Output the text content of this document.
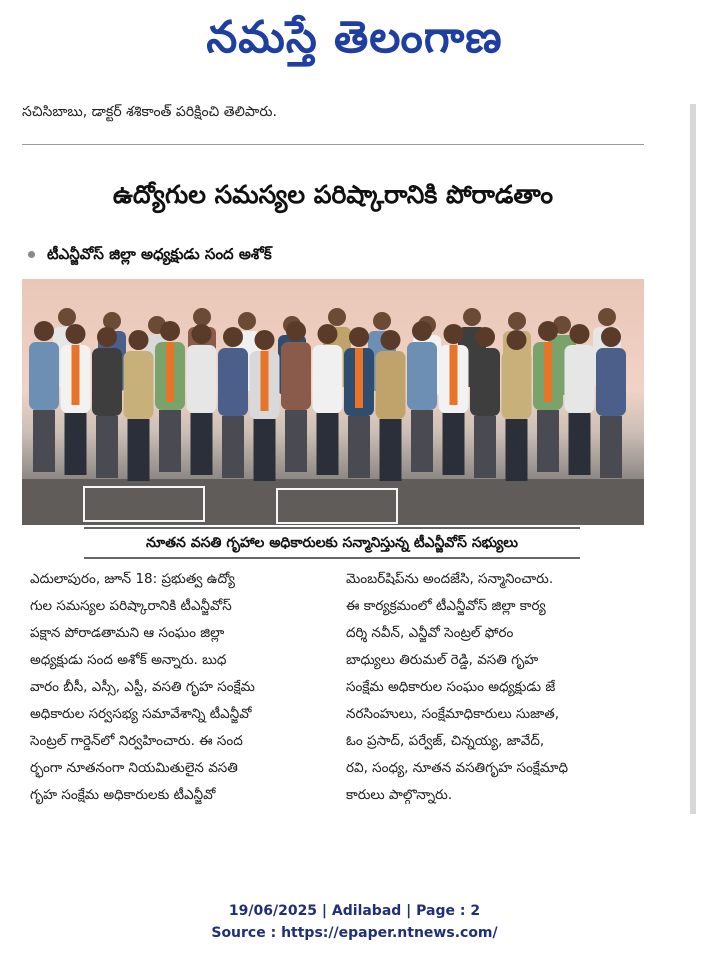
నమస్తే తెలంగాణ
సచిసిబాబు, డాక్టర్ శశికాంత్ పరిక్షించి తెలిపారు.
ఉద్యోగుల సమస్యల పరిష్కారానికి పోరాడతాం
టీఎన్జీవోస్ జిల్లా అధ్యక్షుడు సంద అశోక్
నూతన వసతి గృహాల అధికారులకు సన్మానిస్తున్న టీఎన్జీవోస్ సభ్యులు
ఎదులాపురం, జూన్ 18: ప్రభుత్వ ఉద్యో
గుల సమస్యల పరిష్కారానికి టీఎన్జీవోస్
పక్షాన పోరాడతామని ఆ సంఘం జిల్లా
అధ్యక్షుడు సంద అశోక్ అన్నారు. బుధ
వారం బీసీ, ఎస్సీ, ఎస్టీ, వసతి గృహ సంక్షేమ
అధికారుల సర్వసభ్య సమావేశాన్ని టీఎన్జీవో
సెంట్రల్ గార్డెన్‌లో నిర్వహించారు. ఈ సంద
ర్భంగా నూతనంగా నియమితులైన వసతి
గృహ సంక్షేమ అధికారులకు టీఎన్జీవో
మెంబర్‌షిప్‌ను అందజేసి, సన్మానించారు.
ఈ కార్యక్రమంలో టీఎన్జీవోస్ జిల్లా కార్య
దర్శి నవీన్, ఎన్జీవో సెంట్రల్ ఫోరం
బాధ్యులు తిరుమల్ రెడ్డి, వసతి గృహ
సంక్షేమ అధికారుల సంఘం అధ్యక్షుడు జే
నరసింహులు, సంక్షేమాధికారులు సుజాత,
ఓం ప్రసాద్, పర్వేజ్, చిన్నయ్య, జావేద్,
రవి, సంధ్య, నూతన వసతిగృహ సంక్షేమాధి
కారులు పాల్గొన్నారు.
19/06/2025 | Adilabad | Page : 2
Source : https://epaper.ntnews.com/
